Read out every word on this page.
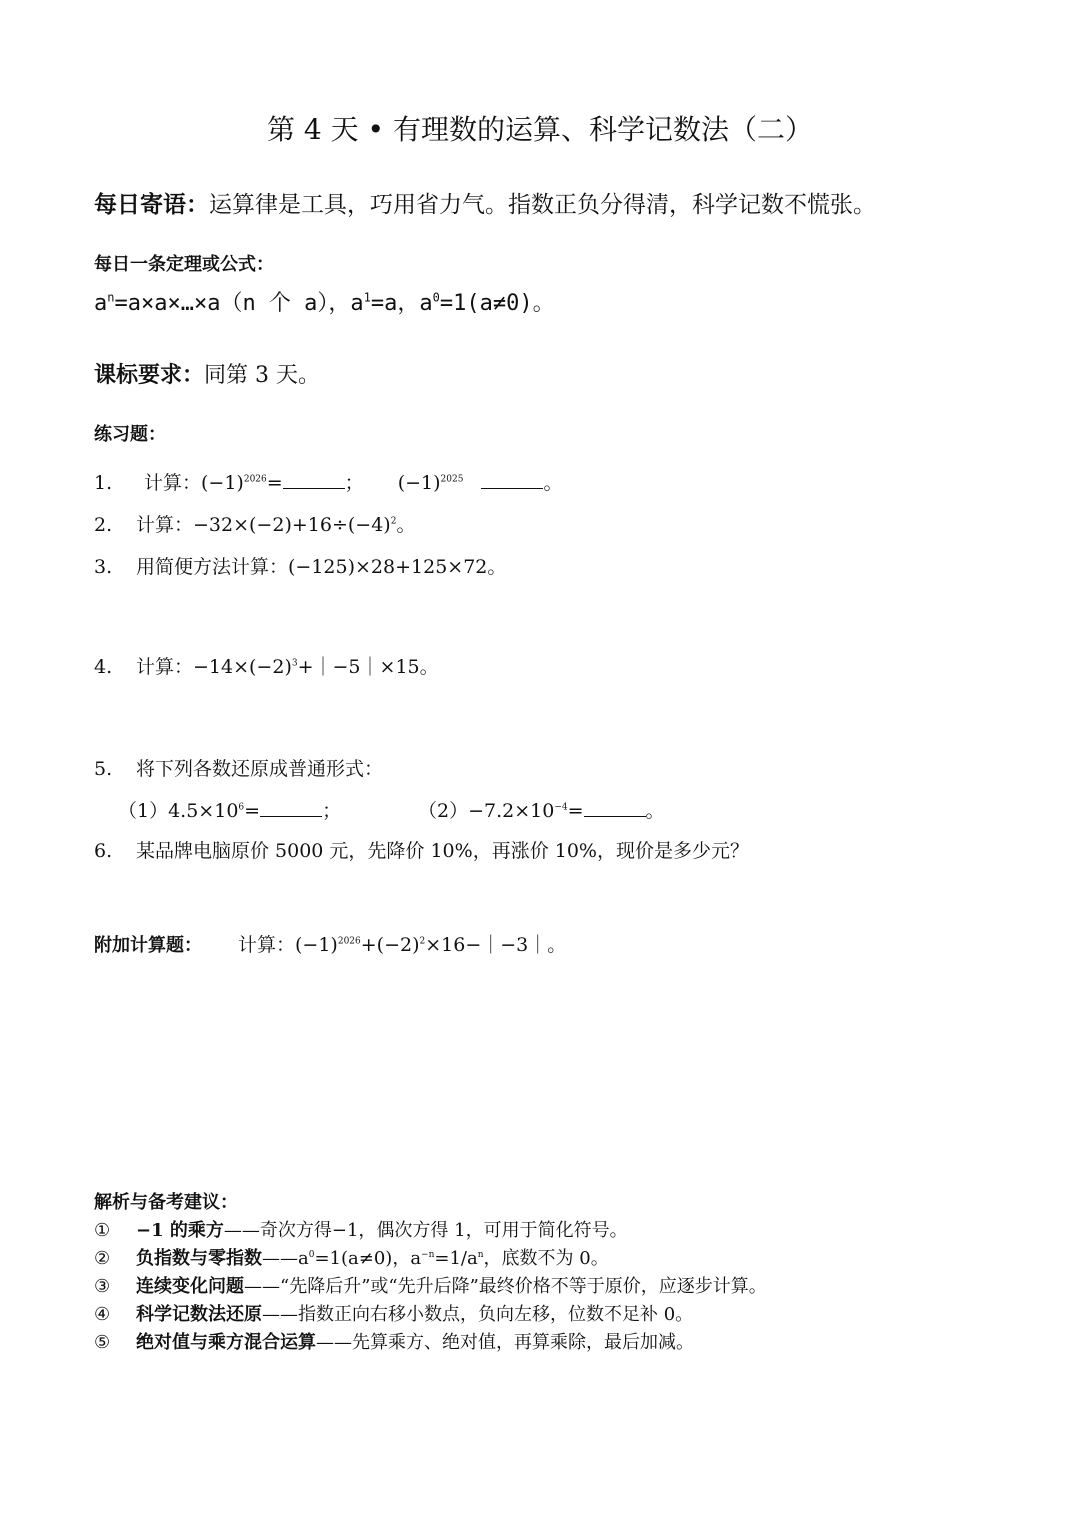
第 4 天 • 有理数的运算、科学记数法（二）
每日寄语：运算律是工具，巧用省力气。指数正负分得清，科学记数不慌张。
每日一条定理或公式：
$a^n=a\times a\times\dots\times a(n$ 个 a），$a^1=a$，$a^0=1(a\ne 0)$。
课标要求：同第 3 天。
练习题：
1. 计算：$(-1)^{2026}=$	； $(-1)^{2025}$	。
2. 计算：$-32\times(-2)+16\div(-4)^2$。
3. 用简便方法计算：(−125)×28+125×72。
4. 计算：$-14\times(-2)^3+|-5|\times 15$。
5. 将下列各数还原成普通形式：
$(1)4.5\times 10^6=$	；	$(2)-7.2\times 10^{-4}=$	。
6. 某品牌电脑原价 5000 元，先降价 10%，再涨价 10%，现价是多少元？
附加计算题： 计算：$(-1)^{2026}+(-2)^2\times 16-|-3|$。
解析与备考建议：
① −1 的乘方——奇次方得−1，偶次方得 1，可用于简化符号。
② 负指数与零指数$——a^0=1(a\ne 0)$，$a^{-n}=1/a^n$，底数不为 0。
③ 连续变化问题——“先降后升”或“先升后降”最终价格不等于原价，应逐步计算。
④ 科学记数法还原——指数正向右移小数点，负向左移，位数不足补 0。
⑤ 绝对值与乘方混合运算——先算乘方、绝对值，再算乘除，最后加减。
